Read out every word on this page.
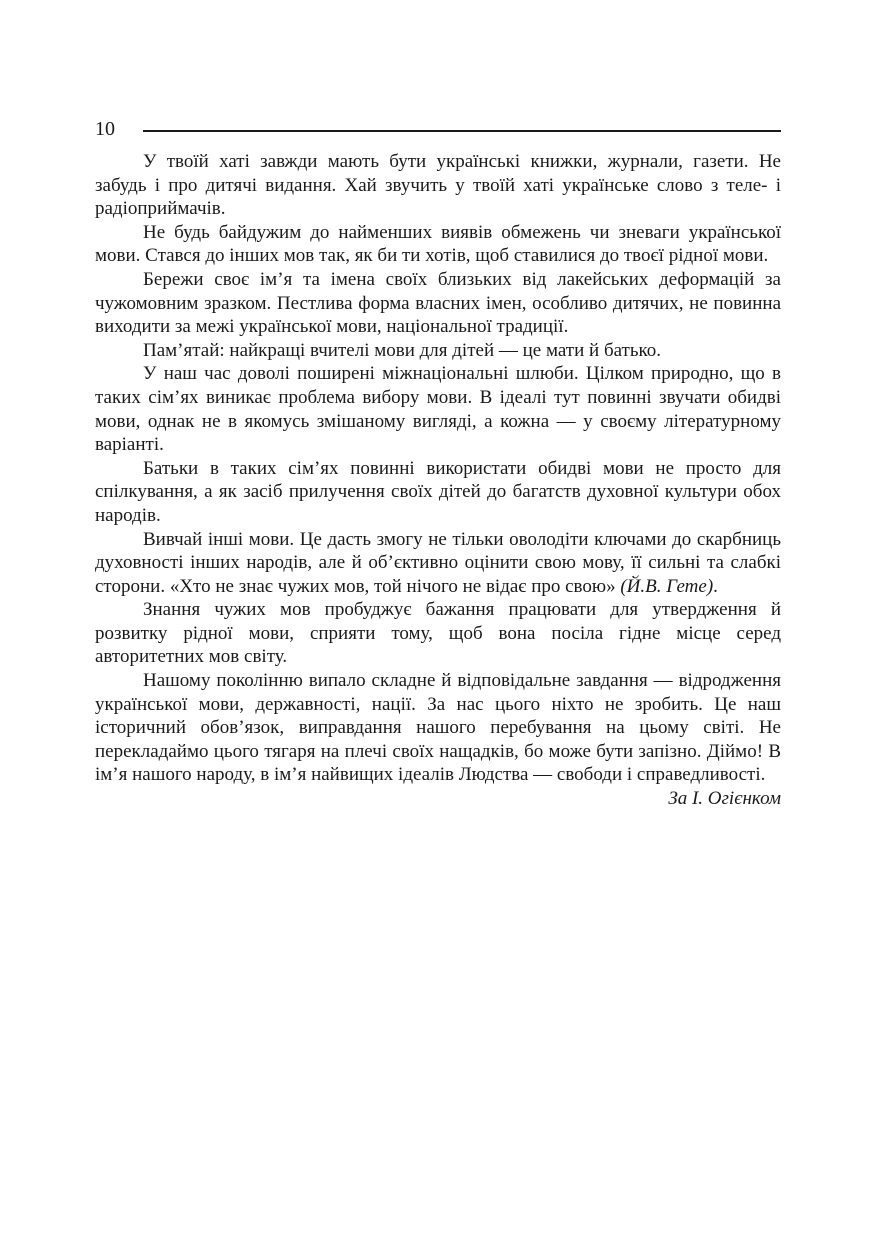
10

У твоїй хаті завжди мають бути українські книжки, журнали, газети. Не забудь і про дитячі видання. Хай звучить у твоїй хаті українське слово з теле- і радіоприймачів.

Не будь байдужим до найменших виявів обмежень чи зневаги української мови. Стався до інших мов так, як би ти хотів, щоб ставилися до твоєї рідної мови.

Бережи своє ім’я та імена своїх близьких від лакейських деформацій за чужомовним зразком. Пестлива форма власних імен, особливо дитячих, не повинна виходити за межі української мови, національної традиції.

Пам’ятай: найкращі вчителі мови для дітей — це мати й батько.

У наш час доволі поширені міжнаціональні шлюби. Цілком природно, що в таких сім’ях виникає проблема вибору мови. В ідеалі тут повинні звучати обидві мови, однак не в якомусь змішаному вигляді, а кожна — у своєму літературному варіанті.

Батьки в таких сім’ях повинні використати обидві мови не просто для спілкування, а як засіб прилучення своїх дітей до багатств духовної культури обох народів.

Вивчай інші мови. Це дасть змогу не тільки оволодіти ключами до скарбниць духовності інших народів, але й об’єктивно оцінити свою мову, її сильні та слабкі сторони. «Хто не знає чужих мов, той нічого не відає про свою» (Й.В. Гете).

Знання чужих мов пробуджує бажання працювати для утвердження й розвитку рідної мови, сприяти тому, щоб вона посіла гідне місце серед авторитетних мов світу.

Нашому поколінню випало складне й відповідальне завдання — відродження української мови, державності, нації. За нас цього ніхто не зробить. Це наш історичний обов’язок, виправдання нашого перебування на цьому світі. Не перекладаймо цього тягаря на плечі своїх нащадків, бо може бути запізно. Діймо! В ім’я нашого народу, в ім’я найвищих ідеалів Людства — свободи і справедливості.

За І. Огієнком
